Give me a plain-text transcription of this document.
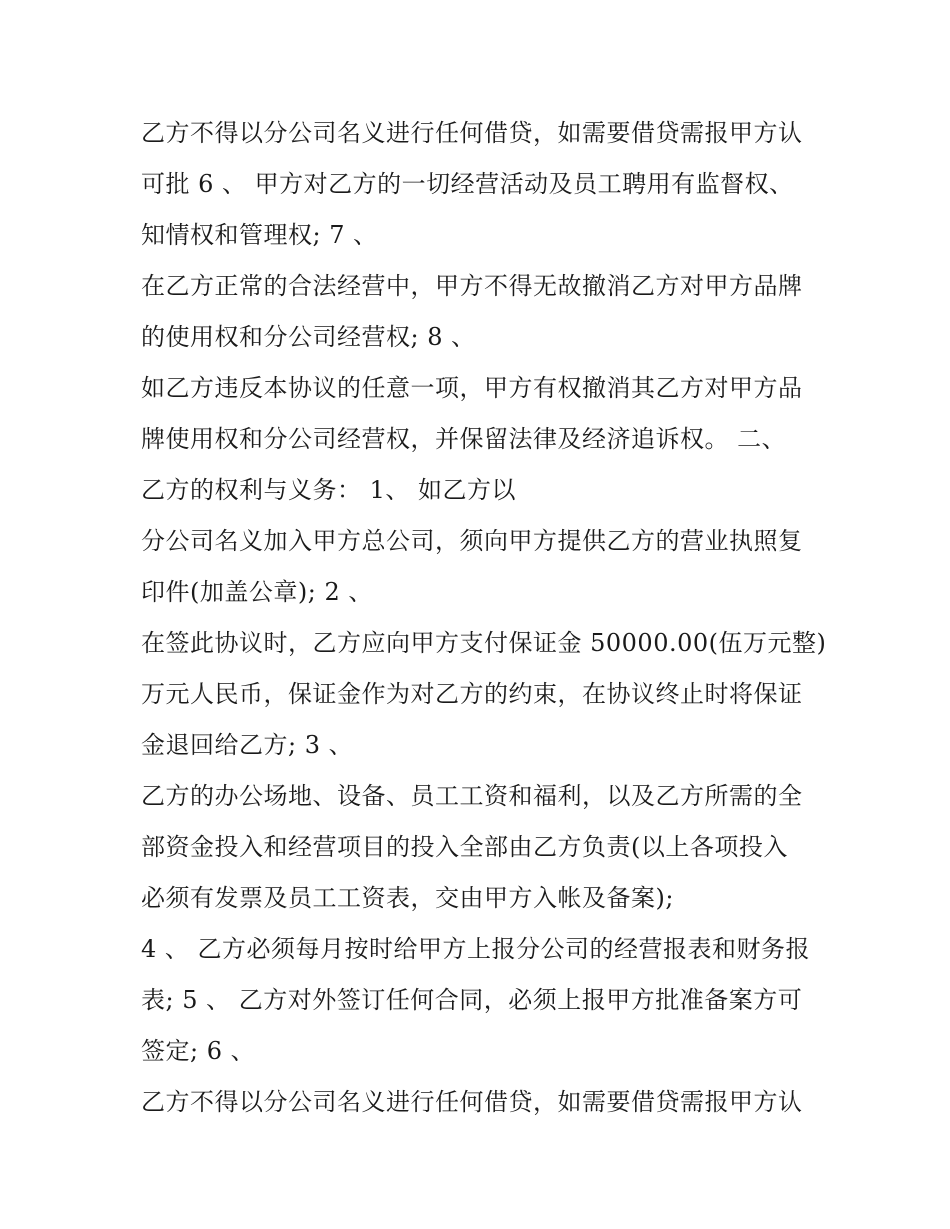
乙方不得以分公司名义进行任何借贷，如需要借贷需报甲方认
可批 6 、 甲方对乙方的一切经营活动及员工聘用有监督权、
知情权和管理权; 7 、
在乙方正常的合法经营中，甲方不得无故撤消乙方对甲方品牌
的使用权和分公司经营权; 8 、
如乙方违反本协议的任意一项，甲方有权撤消其乙方对甲方品
牌使用权和分公司经营权，并保留法律及经济追诉权。 二、
乙方的权利与义务： 1、 如乙方以
分公司名义加入甲方总公司，须向甲方提供乙方的营业执照复
印件(加盖公章); 2 、
在签此协议时，乙方应向甲方支付保证金 50000.00(伍万元整)
万元人民币，保证金作为对乙方的约束，在协议终止时将保证
金退回给乙方; 3 、
乙方的办公场地、设备、员工工资和福利，以及乙方所需的全
部资金投入和经营项目的投入全部由乙方负责(以上各项投入
必须有发票及员工工资表，交由甲方入帐及备案);
4 、 乙方必须每月按时给甲方上报分公司的经营报表和财务报
表; 5 、 乙方对外签订任何合同，必须上报甲方批准备案方可
签定; 6 、
乙方不得以分公司名义进行任何借贷，如需要借贷需报甲方认
